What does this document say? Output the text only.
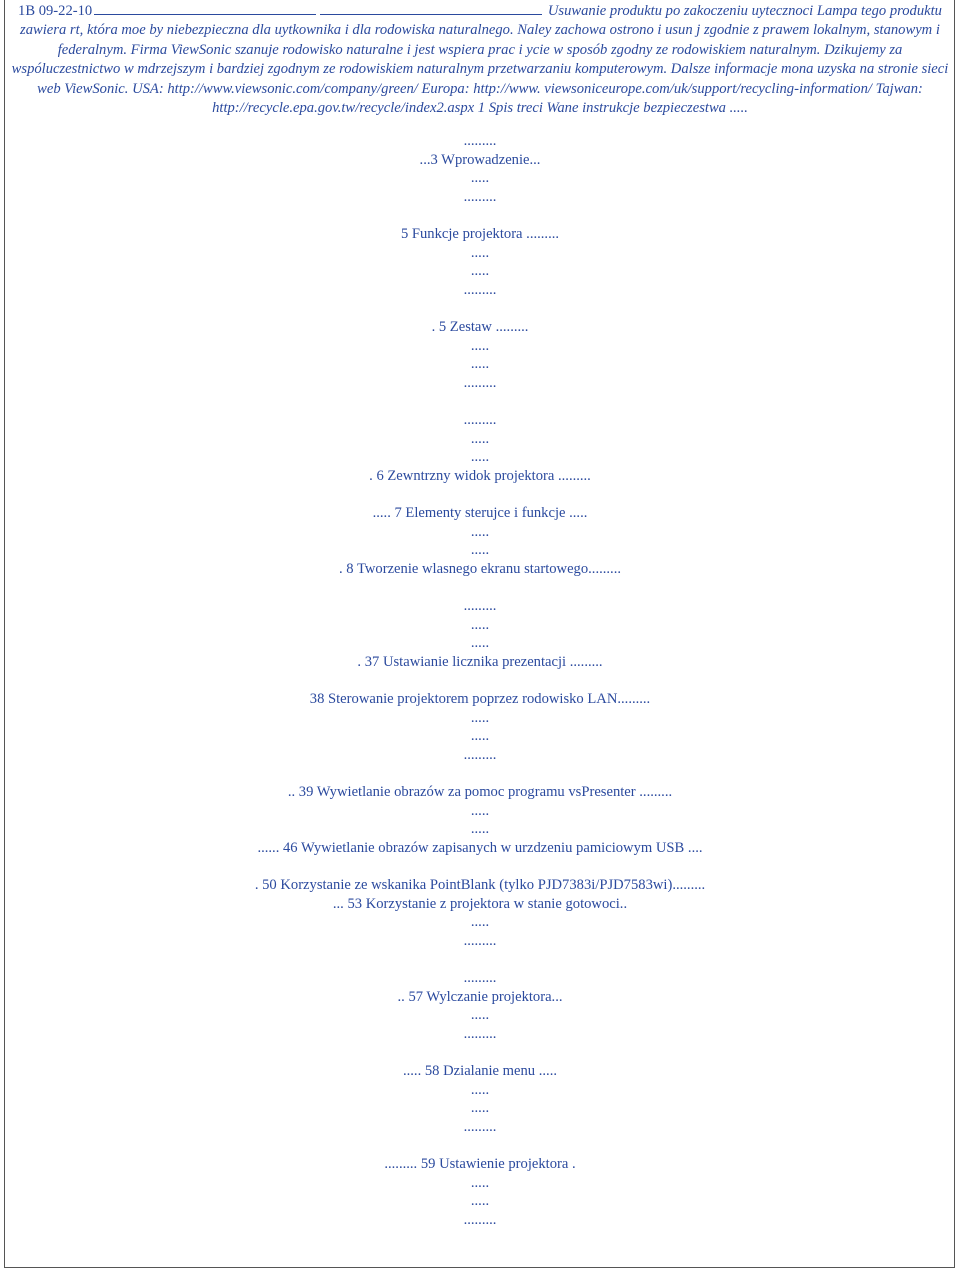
1B 09-22-10	Usuwanie produktu po zakoczeniu uytecznoci Lampa tego produktu zawiera rt, która moe by niebezpieczna dla uytkownika i dla rodowiska naturalnego. Naley zachowa ostrono i usun j zgodnie z prawem lokalnym, stanowym i federalnym. Firma ViewSonic szanuje rodowisko naturalne i jest wspiera prac i ycie w sposób zgodny ze rodowiskiem naturalnym. Dzikujemy za wspóluczestnictwo w mdrzejszym i bardziej zgodnym ze rodowiskiem naturalnym przetwarzaniu komputerowym. Dalsze informacje mona uzyska na stronie sieci web ViewSonic. USA: http://www.viewsonic.com/company/green/ Europa: http://www. viewsoniceurope.com/uk/support/recycling-information/ Tajwan: http://recycle.epa.gov.tw/recycle/index2.aspx 1 Spis treci Wane instrukcje bezpieczestwa .....
.........
...3 Wprowadzenie...
.....
.........
5 Funkcje projektora .........
.....
.....
.........
. 5 Zestaw .........
.....
.....
.........
.........
.....
.....
. 6 Zewntrzny widok projektora .........
..... 7 Elementy sterujce i funkcje .....
.....
.....
. 8 Tworzenie wlasnego ekranu startowego.........
.........
.....
.....
. 37 Ustawianie licznika prezentacji .........
38 Sterowanie projektorem poprzez rodowisko LAN.........
.....
.....
.........
.. 39 Wywietlanie obrazów za pomoc programu vsPresenter .........
.....
.....
...... 46 Wywietlanie obrazów zapisanych w urzdzeniu pamiciowym USB ....
. 50 Korzystanie ze wskanika PointBlank (tylko PJD7383i/PJD7583wi).........
... 53 Korzystanie z projektora w stanie gotowoci..
.....
.........
.........
.. 57 Wylczanie projektora...
.....
.........
..... 58 Dzialanie menu .....
.....
.....
.........
......... 59 Ustawienie projektora .
.....
.....
.........
